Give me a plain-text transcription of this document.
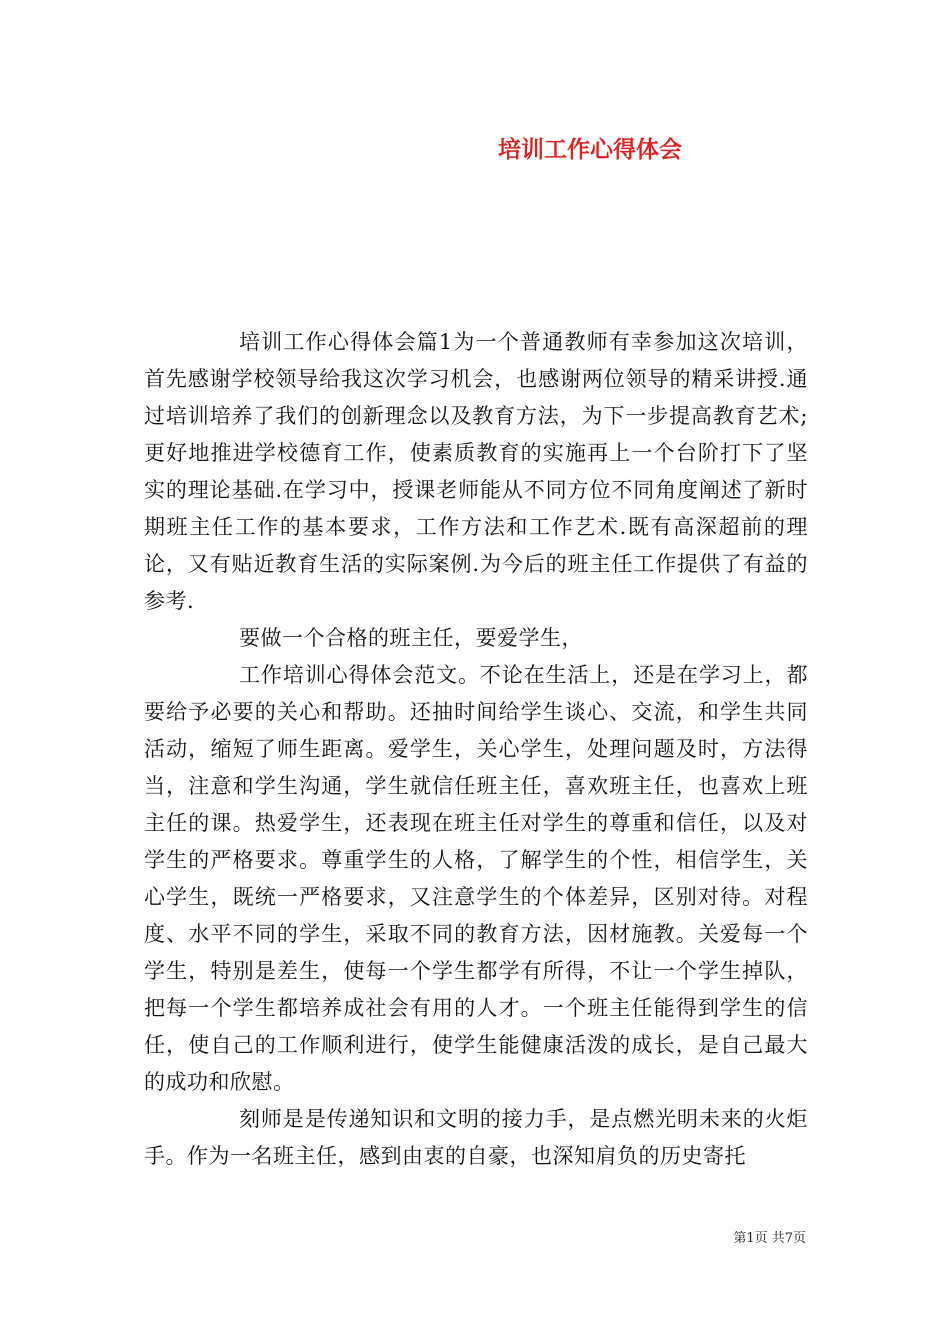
培训工作心得体会

培训工作心得体会篇1为一个普通教师有幸参加这次培训，首先感谢学校领导给我这次学习机会，也感谢两位领导的精采讲授.通过培训培养了我们的创新理念以及教育方法，为下一步提高教育艺术;更好地推进学校德育工作，使素质教育的实施再上一个台阶打下了坚实的理论基础.在学习中，授课老师能从不同方位不同角度阐述了新时期班主任工作的基本要求，工作方法和工作艺术.既有高深超前的理论，又有贴近教育生活的实际案例.为今后的班主任工作提供了有益的参考.

要做一个合格的班主任，要爱学生，

工作培训心得体会范文。不论在生活上，还是在学习上，都要给予必要的关心和帮助。还抽时间给学生谈心、交流，和学生共同活动，缩短了师生距离。爱学生，关心学生，处理问题及时，方法得当，注意和学生沟通，学生就信任班主任，喜欢班主任，也喜欢上班主任的课。热爱学生，还表现在班主任对学生的尊重和信任，以及对学生的严格要求。尊重学生的人格，了解学生的个性，相信学生，关心学生，既统一严格要求，又注意学生的个体差异，区别对待。对程度、水平不同的学生，采取不同的教育方法，因材施教。关爱每一个学生，特别是差生，使每一个学生都学有所得，不让一个学生掉队，把每一个学生都培养成社会有用的人才。一个班主任能得到学生的信任，使自己的工作顺利进行，使学生能健康活泼的成长，是自己最大的成功和欣慰。

刻师是是传递知识和文明的接力手，是点燃光明未来的火炬手。作为一名班主任，感到由衷的自豪，也深知肩负的历史寄托

第1页 共7页
